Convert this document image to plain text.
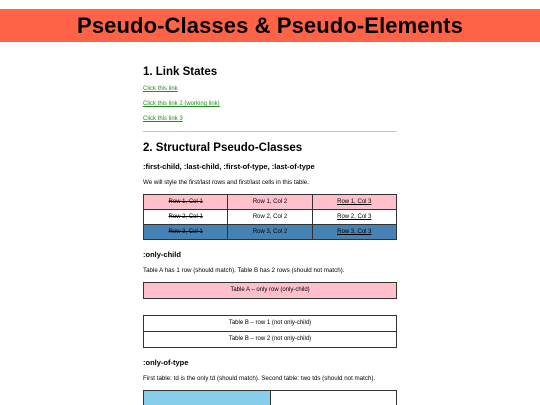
Pseudo-Classes & Pseudo-Elements
1. Link States
Click this link
Click this link 2 (working link)
Click this link 3
2. Structural Pseudo-Classes
:first-child, :last-child, :first-of-type, :last-of-type

We will style the first/last rows and first/last cells in this table.

Row 1, Col 1	Row 1, Col 2	Row 1, Col 3
Row 2, Col 1	Row 2, Col 2	Row 2, Col 3
Row 3, Col 1	Row 3, Col 2	Row 3, Col 3
:only-child

Table A has 1 row (should match). Table B has 2 rows (should not match).

Table A – only row (only-child)
Table B – row 1 (not only-child)
Table B – row 2 (not only-child)
:only-of-type

First table: td is the only td (should match). Second table: two tds (should not match).
